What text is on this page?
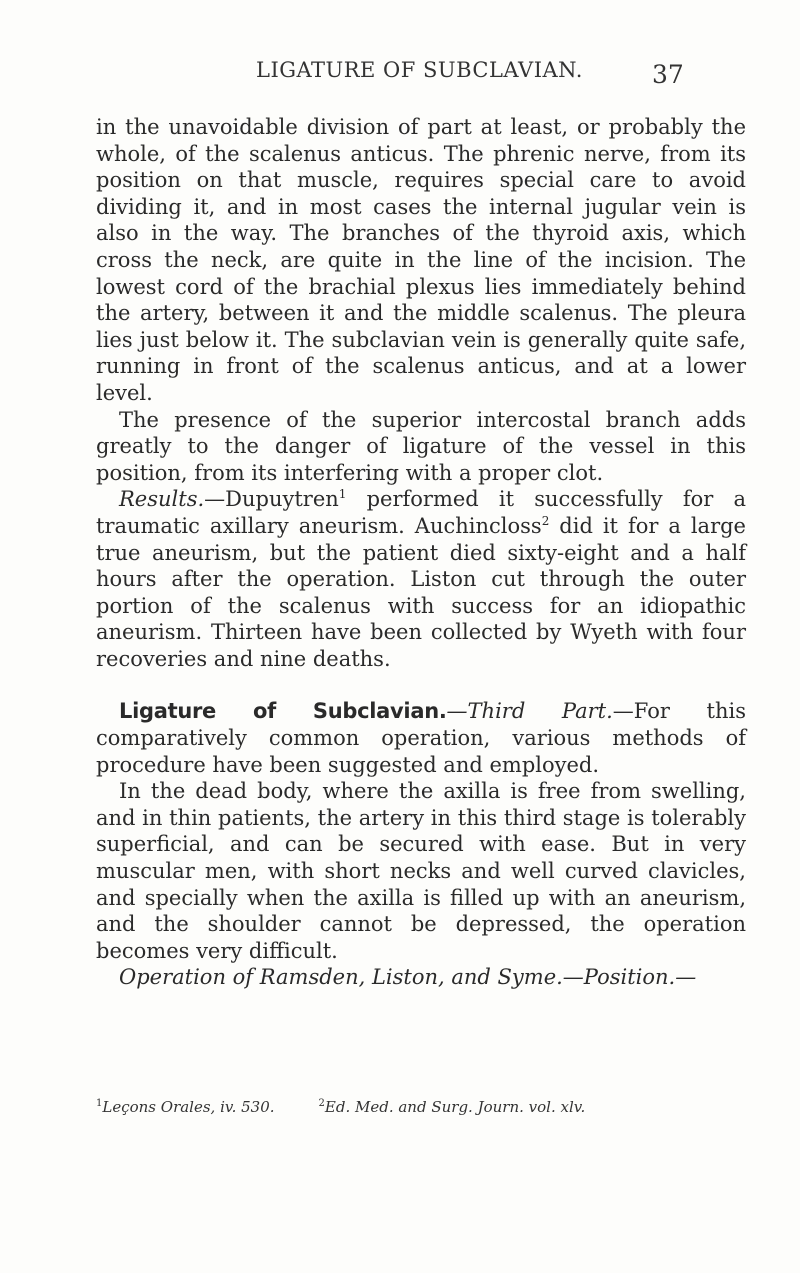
LIGATURE OF SUBCLAVIAN.	37

in the unavoidable division of part at least, or probably the whole, of the scalenus anticus. The phrenic nerve, from its position on that muscle, requires special care to avoid dividing it, and in most cases the internal jugular vein is also in the way. The branches of the thyroid axis, which cross the neck, are quite in the line of the incision. The lowest cord of the brachial plexus lies immediately behind the artery, between it and the middle scalenus. The pleura lies just below it. The subclavian vein is generally quite safe, running in front of the scalenus anticus, and at a lower level.

The presence of the superior intercostal branch adds greatly to the danger of ligature of the vessel in this position, from its interfering with a proper clot.

Results.—Dupuytren$^1$ performed it successfully for a traumatic axillary aneurism. Auchincloss$^2$ did it for a large true aneurism, but the patient died sixty-eight and a half hours after the operation. Liston cut through the outer portion of the scalenus with success for an idiopathic aneurism. Thirteen have been collected by Wyeth with four recoveries and nine deaths.

Ligature of Subclavian.—Third Part.—For this comparatively common operation, various methods of procedure have been suggested and employed.

In the dead body, where the axilla is free from swelling, and in thin patients, the artery in this third stage is tolerably superficial, and can be secured with ease. But in very muscular men, with short necks and well curved clavicles, and specially when the axilla is filled up with an aneurism, and the shoulder cannot be depressed, the operation becomes very difficult.

Operation of Ramsden, Liston, and Syme.—Position.—

$^1$Leçons Orales, iv. 530.	$^2$Ed. Med. and Surg. Journ. vol. xlv.
